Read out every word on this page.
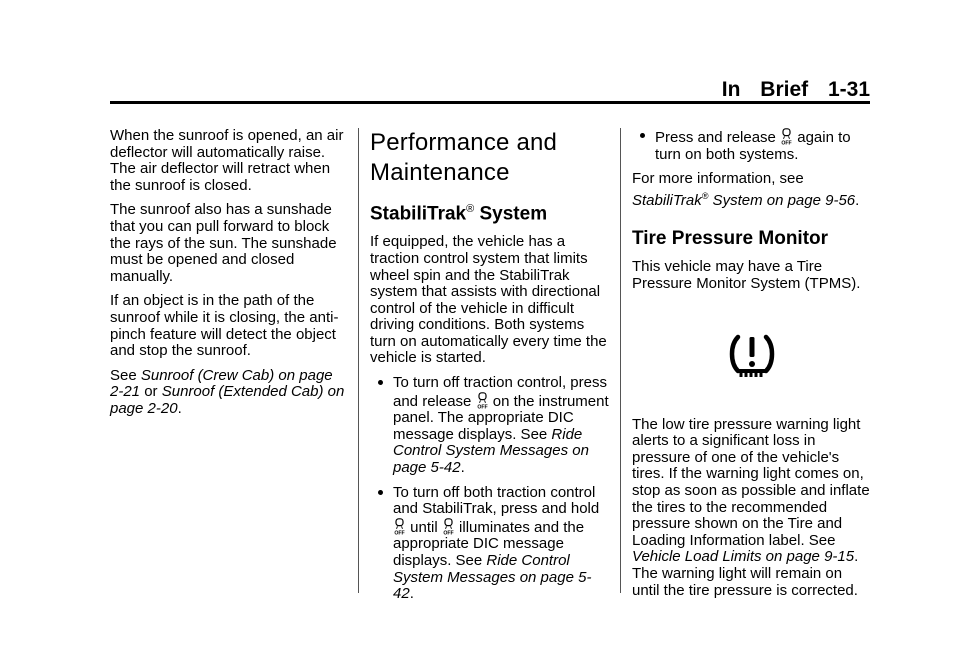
In Brief 1-31

When the sunroof is opened, an air deflector will automatically raise. The air deflector will retract when the sunroof is closed.

The sunroof also has a sunshade that you can pull forward to block the rays of the sun. The sunshade must be opened and closed manually.

If an object is in the path of the sunroof while it is closing, the anti-pinch feature will detect the object and stop the sunroof.

See Sunroof (Crew Cab) on page 2-21 or Sunroof (Extended Cab) on page 2-20.

Performance and Maintenance
StabiliTrak® System

If equipped, the vehicle has a traction control system that limits wheel spin and the StabiliTrak system that assists with directional control of the vehicle in difficult driving conditions. Both systems turn on automatically every time the vehicle is started.

To turn off traction control, press and release OFF on the instrument panel. The appropriate DIC message displays. See Ride Control System Messages on page 5-42.
To turn off both traction control and StabiliTrak, press and hold
OFF until OFF illuminates and the appropriate DIC message displays. See Ride Control System Messages on page 5-42.
Press and release OFF again to turn on both systems.

For more information, see StabiliTrak® System on page 9-56.

Tire Pressure Monitor

This vehicle may have a Tire Pressure Monitor System (TPMS).

The low tire pressure warning light alerts to a significant loss in pressure of one of the vehicle's tires. If the warning light comes on, stop as soon as possible and inflate the tires to the recommended pressure shown on the Tire and Loading Information label. See Vehicle Load Limits on page 9-15. The warning light will remain on until the tire pressure is corrected.
